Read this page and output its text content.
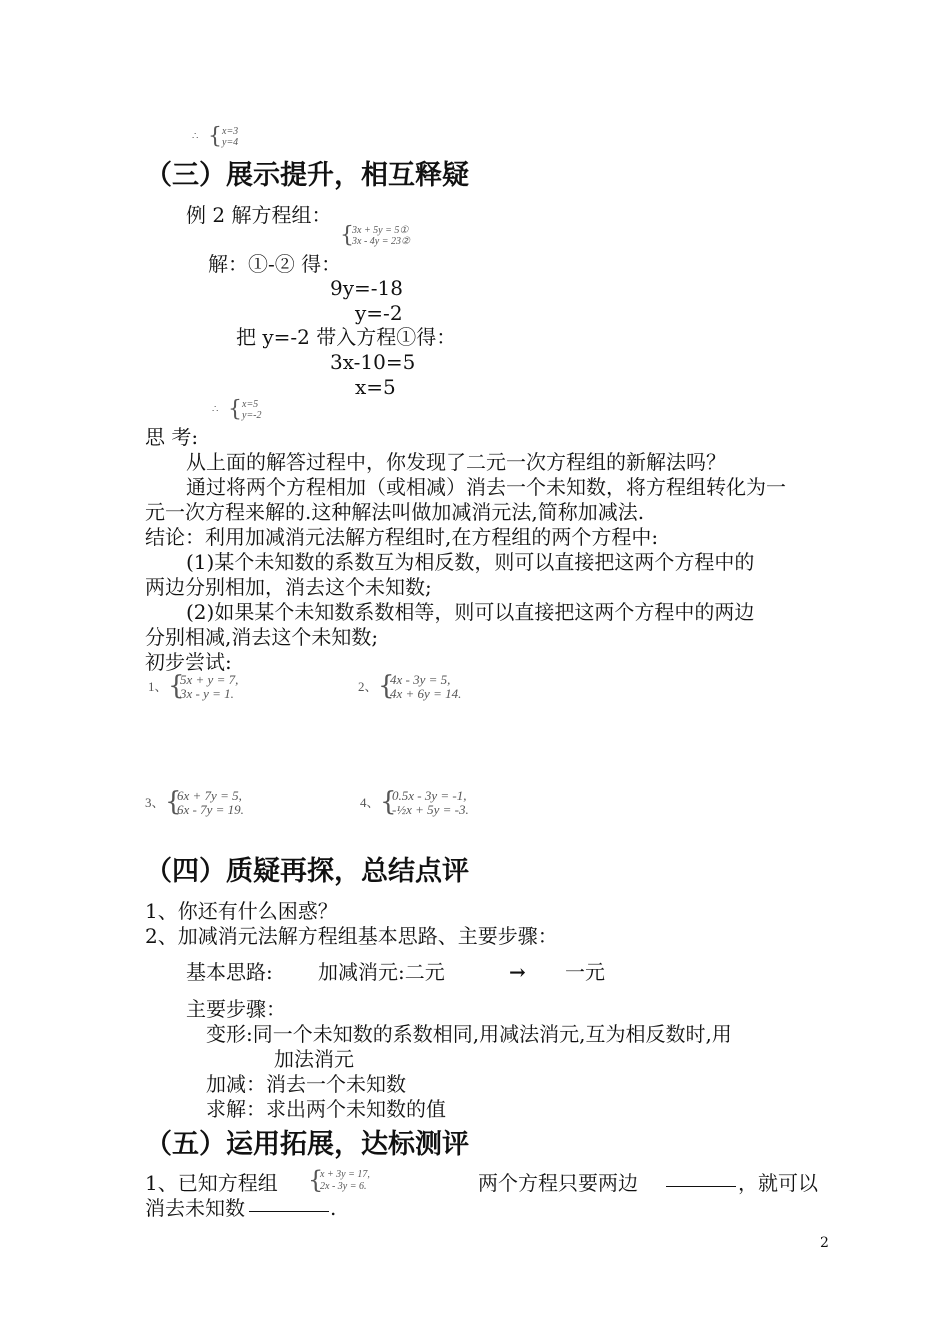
∴ { x=3
y=4
（三）展示提升，相互释疑
例 2 解方程组：
{
3x + 5y = 5①
3x - 4y = 23②
解：①-② 得：
9y=-18
y=-2
把 y=-2 带入方程①得：
3x-10=5
x=5
∴ { x=5
y=-2
思 考:
从上面的解答过程中，你发现了二元一次方程组的新解法吗？
通过将两个方程相加（或相减）消去一个未知数，将方程组转化为一
元一次方程来解的.这种解法叫做加减消元法,简称加减法.
结论：利用加减消元法解方程组时,在方程组的两个方程中:
(1)某个未知数的系数互为相反数，则可以直接把这两个方程中的
两边分别相加，消去这个未知数;
(2)如果某个未知数系数相等，则可以直接把这两个方程中的两边
分别相减,消去这个未知数;
初步尝试:
1、 {
5x + y = 7,
3x - y = 1.	2、 {
4x - 3y = 5,
4x + 6y = 14.
3、 {
6x + 7y = 5,
6x - 7y = 19.	4、 {
0.5x - 3y = -1,
-½x + 5y = -3.
（四）质疑再探，总结点评
1、你还有什么困惑？
2、加减消元法解方程组基本思路、主要步骤：
基本思路: 加减消元:二元	→ 一元
主要步骤：
变形:同一个未知数的系数相同,用减法消元,互为相反数时,用
加法消元
加减：消去一个未知数
求解：求出两个未知数的值
（五）运用拓展，达标测评
1、已知方程组 {
x + 3y = 17,
2x - 3y = 6.	两个方程只要两边	，就可以
消去未知数	.
2
